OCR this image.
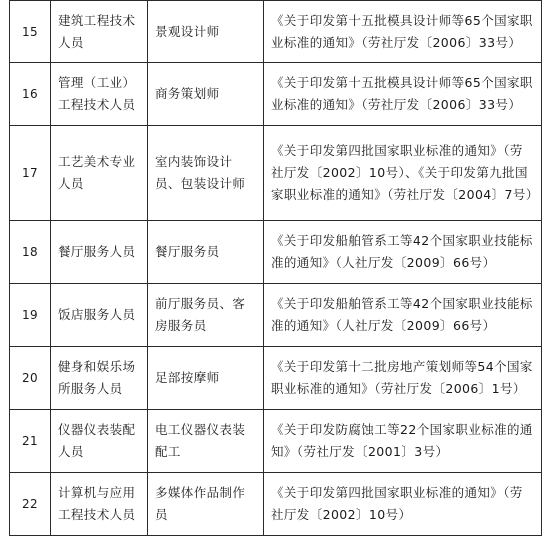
15	建筑工程技术人员	景观设计师	《关于印发第十五批模具设计师等65个国家职业标准的通知》（劳社厅发〔2006〕33号）
16	管理（工业）工程技术人员	商务策划师	《关于印发第十五批模具设计师等65个国家职业标准的通知》（劳社厅发〔2006〕33号）
17	工艺美术专业人员	室内装饰设计员、包装设计师	《关于印发第四批国家职业标准的通知》（劳社厅发〔2002〕10号）、《关于印发第九批国家职业标准的通知》（劳社厅发〔2004〕7号）
18	餐厅服务人员	餐厅服务员	《关于印发船舶管系工等42个国家职业技能标准的通知》（人社厅发〔2009〕66号）
19	饭店服务人员	前厅服务员、客房服务员	《关于印发船舶管系工等42个国家职业技能标准的通知》（人社厅发〔2009〕66号）
20	健身和娱乐场所服务人员	足部按摩师	《关于印发第十二批房地产策划师等54个国家职业标准的通知》（劳社厅发〔2006〕1号）
21	仪器仪表装配人员	电工仪器仪表装配工	《关于印发防腐蚀工等22个国家职业标准的通知》（劳社厅发〔2001〕3号）
22	计算机与应用工程技术人员	多媒体作品制作员	《关于印发第四批国家职业标准的通知》（劳社厅发〔2002〕10号）
